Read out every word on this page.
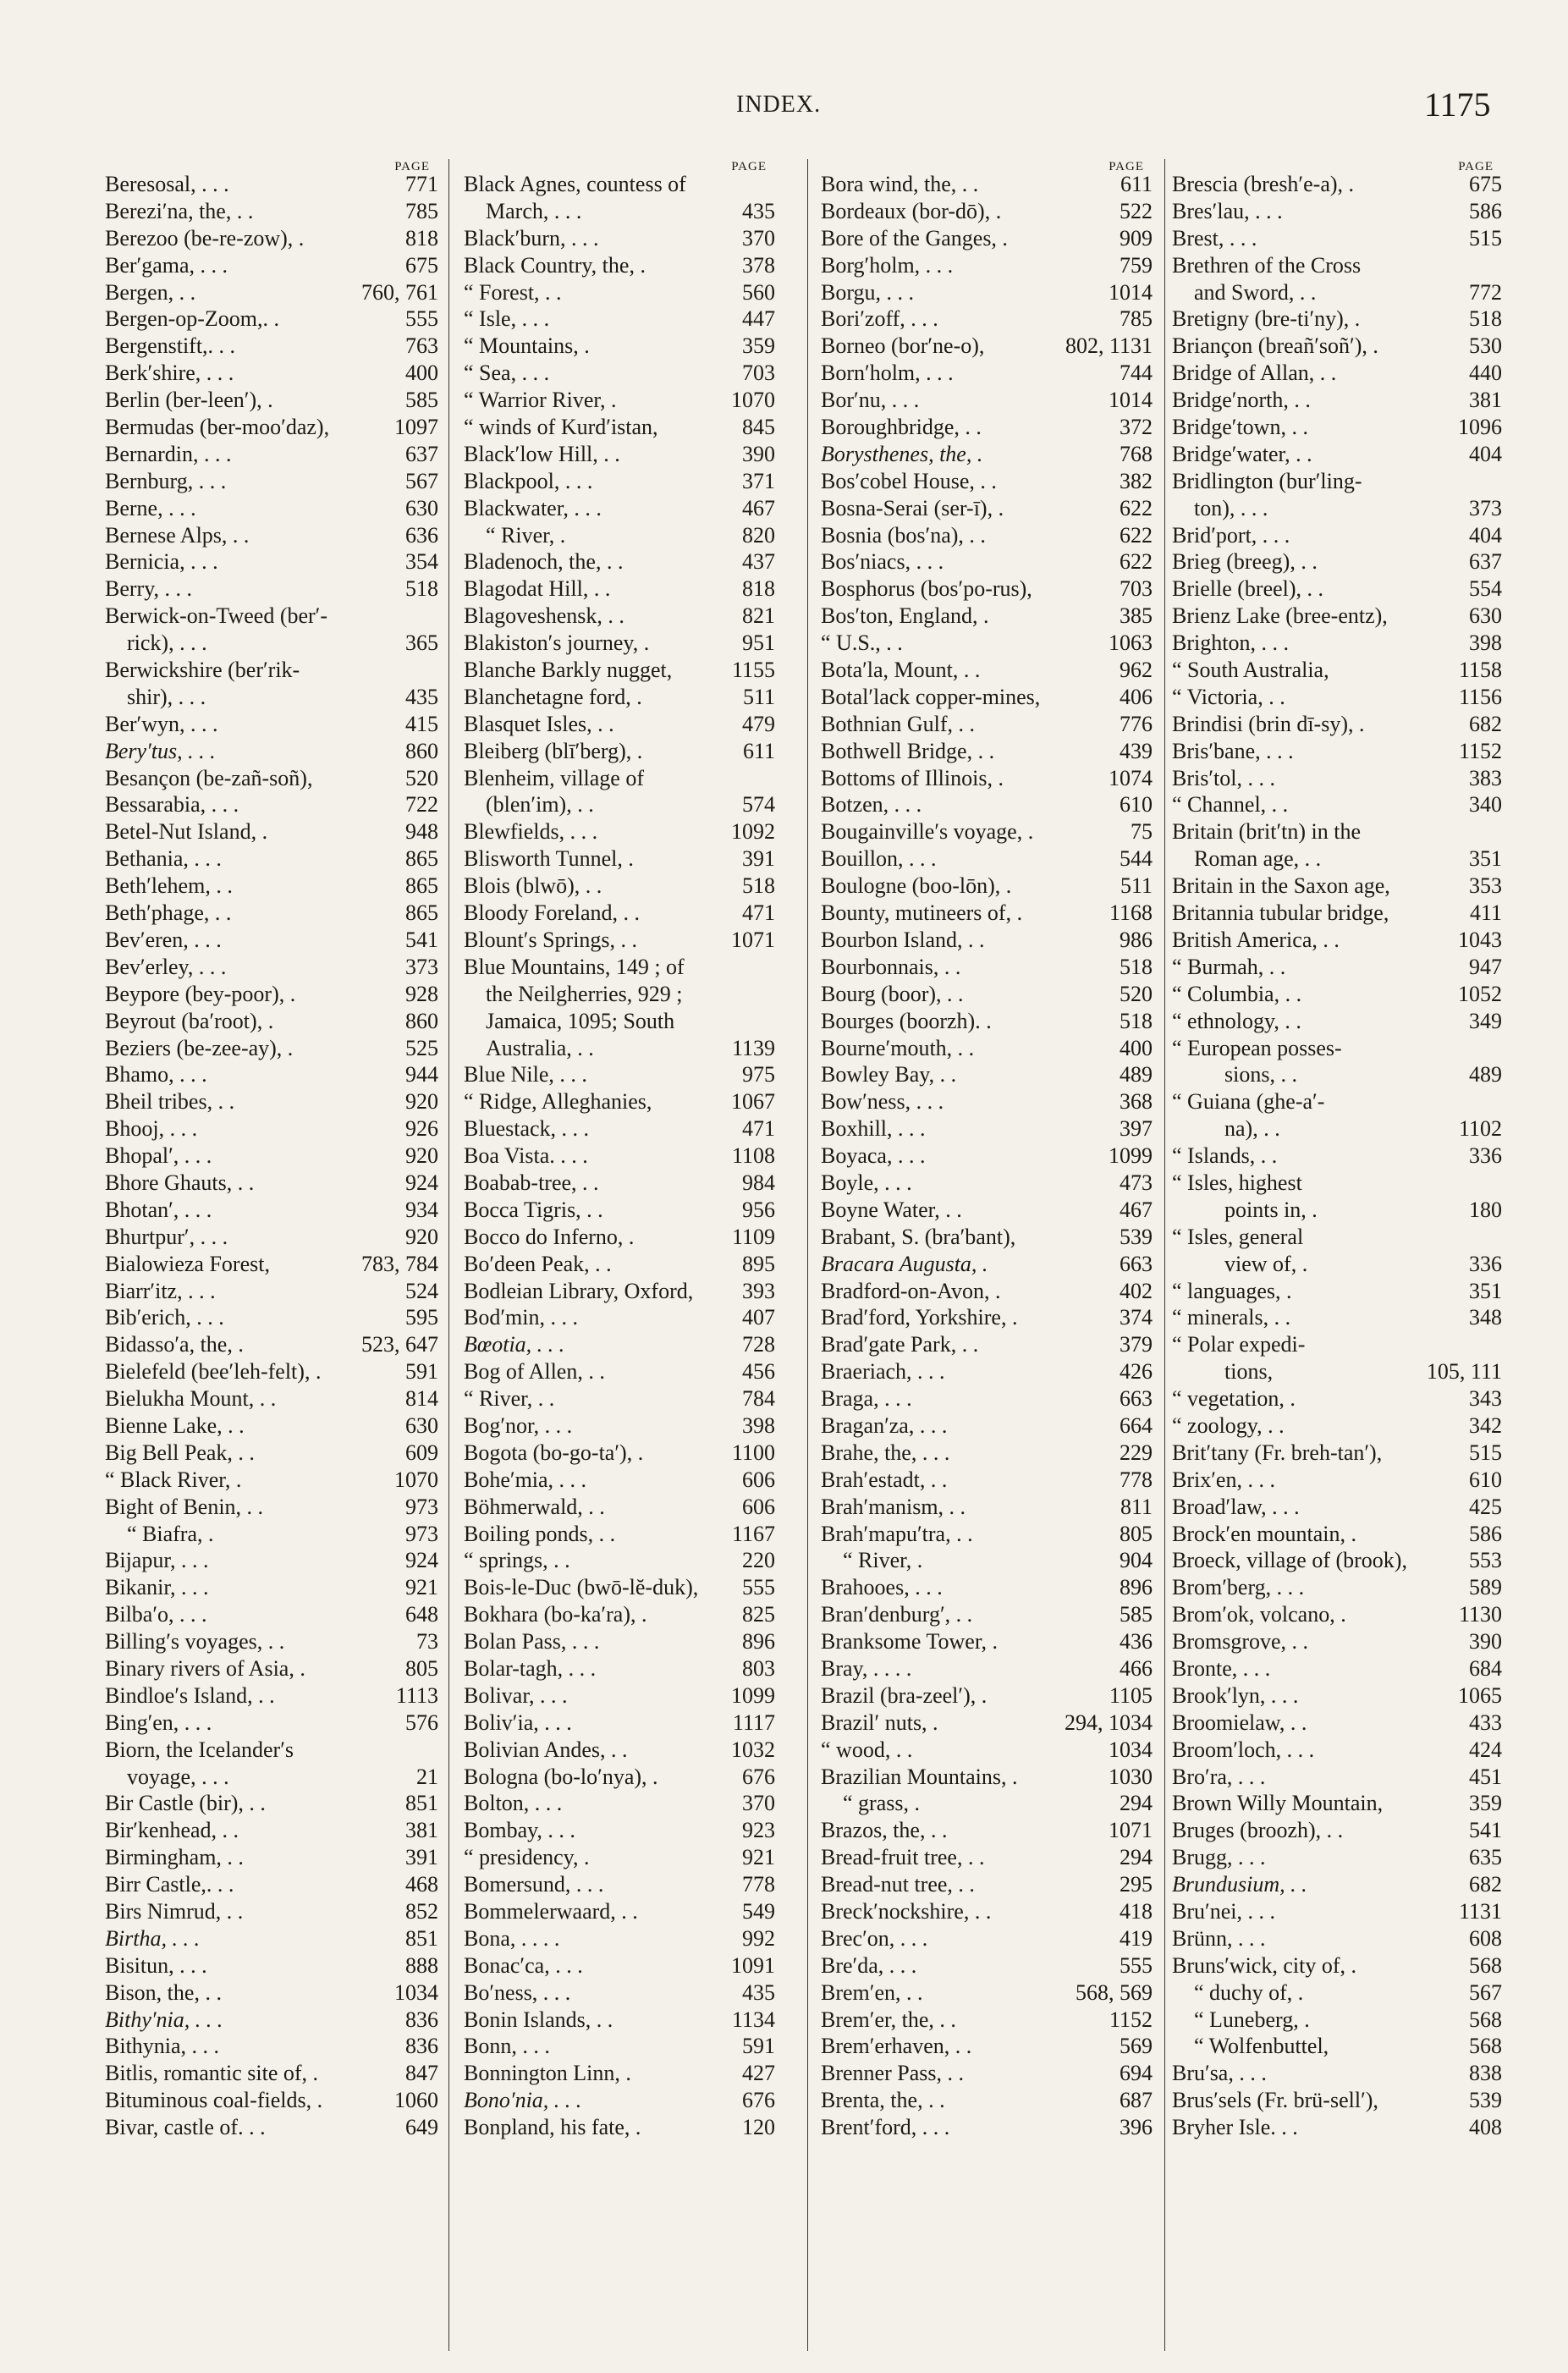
INDEX.	1175
PAGE
Beresosal, . . .	771
Berezi′na, the, . .	785
Berezoo (be-re-zow), .	818
Ber′gama, . . .	675
Bergen, . .	760, 761
Bergen-op-Zoom,. .	555
Bergenstift,. . .	763
Berk′shire, . . .	400
Berlin (ber-leen′), .	585
Bermudas (ber-moo′daz),	1097
Bernardin, . . .	637
Bernburg, . . .	567
Berne, . . .	630
Bernese Alps, . .	636
Bernicia, . . .	354
Berry, . . .	518
Berwick-on-Tweed (ber′-
rick), . . .	365
Berwickshire (ber′rik-
shir), . . .	435
Ber′wyn, . . .	415
Bery′tus, . . .	860
Besançon (be-zañ-soñ),	520
Bessarabia, . . .	722
Betel-Nut Island, .	948
Bethania, . . .	865
Beth′lehem, . .	865
Beth′phage, . .	865
Bev′eren, . . .	541
Bev′erley, . . .	373
Beypore (bey-poor), .	928
Beyrout (ba′root), .	860
Beziers (be-zee-ay), .	525
Bhamo, . . .	944
Bheil tribes, . .	920
Bhooj, . . .	926
Bhopal′, . . .	920
Bhore Ghauts, . .	924
Bhotan′, . . .	934
Bhurtpur′, . . .	920
Bialowieza Forest,	783, 784
Biarr′itz, . . .	524
Bib′erich, . . .	595
Bidasso′a, the, .	523, 647
Bielefeld (bee′leh-felt), .	591
Bielukha Mount, . .	814
Bienne Lake, . .	630
Big Bell Peak, . .	609
“ Black River, .	1070
Bight of Benin, . .	973
“ Biafra, .	973
Bijapur, . . .	924
Bikanir, . . .	921
Bilba′o, . . .	648
Billing′s voyages, . .	73
Binary rivers of Asia, .	805
Bindloe′s Island, . .	1113
Bing′en, . . .	576
Biorn, the Icelander′s
voyage, . . .	21
Bir Castle (bir), . .	851
Bir′kenhead, . .	381
Birmingham, . .	391
Birr Castle,. . .	468
Birs Nimrud, . .	852
Birtha, . . .	851
Bisitun, . . .	888
Bison, the, . .	1034
Bithy′nia, . . .	836
Bithynia, . . .	836
Bitlis, romantic site of, .	847
Bituminous coal-fields, .	1060
Bivar, castle of. . .	649
PAGE
Black Agnes, countess of
March, . . .	435
Black′burn, . . .	370
Black Country, the, .	378
“ Forest, . .	560
“ Isle, . . .	447
“ Mountains, .	359
“ Sea, . . .	703
“ Warrior River, .	1070
“ winds of Kurd′istan,	845
Black′low Hill, . .	390
Blackpool, . . .	371
Blackwater, . . .	467
“ River, .	820
Bladenoch, the, . .	437
Blagodat Hill, . .	818
Blagoveshensk, . .	821
Blakiston′s journey, .	951
Blanche Barkly nugget,	1155
Blanchetagne ford, .	511
Blasquet Isles, . .	479
Bleiberg (blī′berg), .	611
Blenheim, village of
(blen′im), . .	574
Blewfields, . . .	1092
Blisworth Tunnel, .	391
Blois (blwō), . .	518
Bloody Foreland, . .	471
Blount′s Springs, . .	1071
Blue Mountains, 149 ; of
the Neilgherries, 929 ;
Jamaica, 1095; South
Australia, . .	1139
Blue Nile, . . .	975
“ Ridge, Alleghanies,	1067
Bluestack, . . .	471
Boa Vista. . . .	1108
Boabab-tree, . .	984
Bocca Tigris, . .	956
Bocco do Inferno, .	1109
Bo′deen Peak, . .	895
Bodleian Library, Oxford,	393
Bod′min, . . .	407
Bœotia, . . .	728
Bog of Allen, . .	456
“ River, . .	784
Bog′nor, . . .	398
Bogota (bo-go-ta′), .	1100
Bohe′mia, . . .	606
Böhmerwald, . .	606
Boiling ponds, . .	1167
“ springs, . .	220
Bois-le-Duc (bwō-lĕ-duk),	555
Bokhara (bo-ka′ra), .	825
Bolan Pass, . . .	896
Bolar-tagh, . . .	803
Bolivar, . . .	1099
Boliv′ia, . . .	1117
Bolivian Andes, . .	1032
Bologna (bo-lo′nya), .	676
Bolton, . . .	370
Bombay, . . .	923
“ presidency, .	921
Bomersund, . . .	778
Bommelerwaard, . .	549
Bona, . . . .	992
Bonac′ca, . . .	1091
Bo′ness, . . .	435
Bonin Islands, . .	1134
Bonn, . . .	591
Bonnington Linn, .	427
Bono′nia, . . .	676
Bonpland, his fate, .	120
PAGE
Bora wind, the, . .	611
Bordeaux (bor-dō), .	522
Bore of the Ganges, .	909
Borg′holm, . . .	759
Borgu, . . .	1014
Bori′zoff, . . .	785
Borneo (bor′ne-o),	802, 1131
Born′holm, . . .	744
Bor′nu, . . .	1014
Boroughbridge, . .	372
Borysthenes, the, .	768
Bos′cobel House, . .	382
Bosna-Serai (ser-ī), .	622
Bosnia (bos′na), . .	622
Bos′niacs, . . .	622
Bosphorus (bos′po-rus),	703
Bos′ton, England, .	385
“ U.S., . .	1063
Bota′la, Mount, . .	962
Botal′lack copper-mines,	406
Bothnian Gulf, . .	776
Bothwell Bridge, . .	439
Bottoms of Illinois, .	1074
Botzen, . . .	610
Bougainville′s voyage, .	75
Bouillon, . . .	544
Boulogne (boo-lōn), .	511
Bounty, mutineers of, .	1168
Bourbon Island, . .	986
Bourbonnais, . .	518
Bourg (boor), . .	520
Bourges (boorzh). .	518
Bourne′mouth, . .	400
Bowley Bay, . .	489
Bow′ness, . . .	368
Boxhill, . . .	397
Boyaca, . . .	1099
Boyle, . . .	473
Boyne Water, . .	467
Brabant, S. (bra′bant),	539
Bracara Augusta, .	663
Bradford-on-Avon, .	402
Brad′ford, Yorkshire, .	374
Brad′gate Park, . .	379
Braeriach, . . .	426
Braga, . . .	663
Bragan′za, . . .	664
Brahe, the, . . .	229
Brah′estadt, . .	778
Brah′manism, . .	811
Brah′mapu′tra, . .	805
“ River, .	904
Brahooes, . . .	896
Bran′denburg′, . .	585
Branksome Tower, .	436
Bray, . . . .	466
Brazil (bra-zeel′), .	1105
Brazil′ nuts, .	294, 1034
“ wood, . .	1034
Brazilian Mountains, .	1030
“ grass, .	294
Brazos, the, . .	1071
Bread-fruit tree, . .	294
Bread-nut tree, . .	295
Breck′nockshire, . .	418
Brec′on, . . .	419
Bre′da, . . .	555
Brem′en, . .	568, 569
Brem′er, the, . .	1152
Brem′erhaven, . .	569
Brenner Pass, . .	694
Brenta, the, . .	687
Brent′ford, . . .	396
PAGE
Brescia (bresh′e-a), .	675
Bres′lau, . . .	586
Brest, . . .	515
Brethren of the Cross
and Sword, . .	772
Bretigny (bre-ti′ny), .	518
Briançon (breañ′soñ′), .	530
Bridge of Allan, . .	440
Bridge′north, . .	381
Bridge′town, . .	1096
Bridge′water, . .	404
Bridlington (bur′ling-
ton), . . .	373
Brid′port, . . .	404
Brieg (breeg), . .	637
Brielle (breel), . .	554
Brienz Lake (bree-entz),	630
Brighton, . . .	398
“ South Australia,	1158
“ Victoria, . .	1156
Brindisi (brin dī-sy), .	682
Bris′bane, . . .	1152
Bris′tol, . . .	383
“ Channel, . .	340
Britain (brit′tn) in the
Roman age, . .	351
Britain in the Saxon age,	353
Britannia tubular bridge,	411
British America, . .	1043
“ Burmah, . .	947
“ Columbia, . .	1052
“ ethnology, . .	349
“ European posses-
sions, . .	489
“ Guiana (ghe-a′-
na), . .	1102
“ Islands, . .	336
“ Isles, highest
points in, .	180
“ Isles, general
view of, .	336
“ languages, .	351
“ minerals, . .	348
“ Polar expedi-
tions,	105, 111
“ vegetation, .	343
“ zoology, . .	342
Brit′tany (Fr. breh-tan′),	515
Brix′en, . . .	610
Broad′law, . . .	425
Brock′en mountain, .	586
Broeck, village of (brook),	553
Brom′berg, . . .	589
Brom′ok, volcano, .	1130
Bromsgrove, . .	390
Bronte, . . .	684
Brook′lyn, . . .	1065
Broomielaw, . .	433
Broom′loch, . . .	424
Bro′ra, . . .	451
Brown Willy Mountain,	359
Bruges (broozh), . .	541
Brugg, . . .	635
Brundusium, . .	682
Bru′nei, . . .	1131
Brünn, . . .	608
Bruns′wick, city of, .	568
“ duchy of, .	567
“ Luneberg, .	568
“ Wolfenbuttel,	568
Bru′sa, . . .	838
Brus′sels (Fr. brü-sell′),	539
Bryher Isle. . .	408
